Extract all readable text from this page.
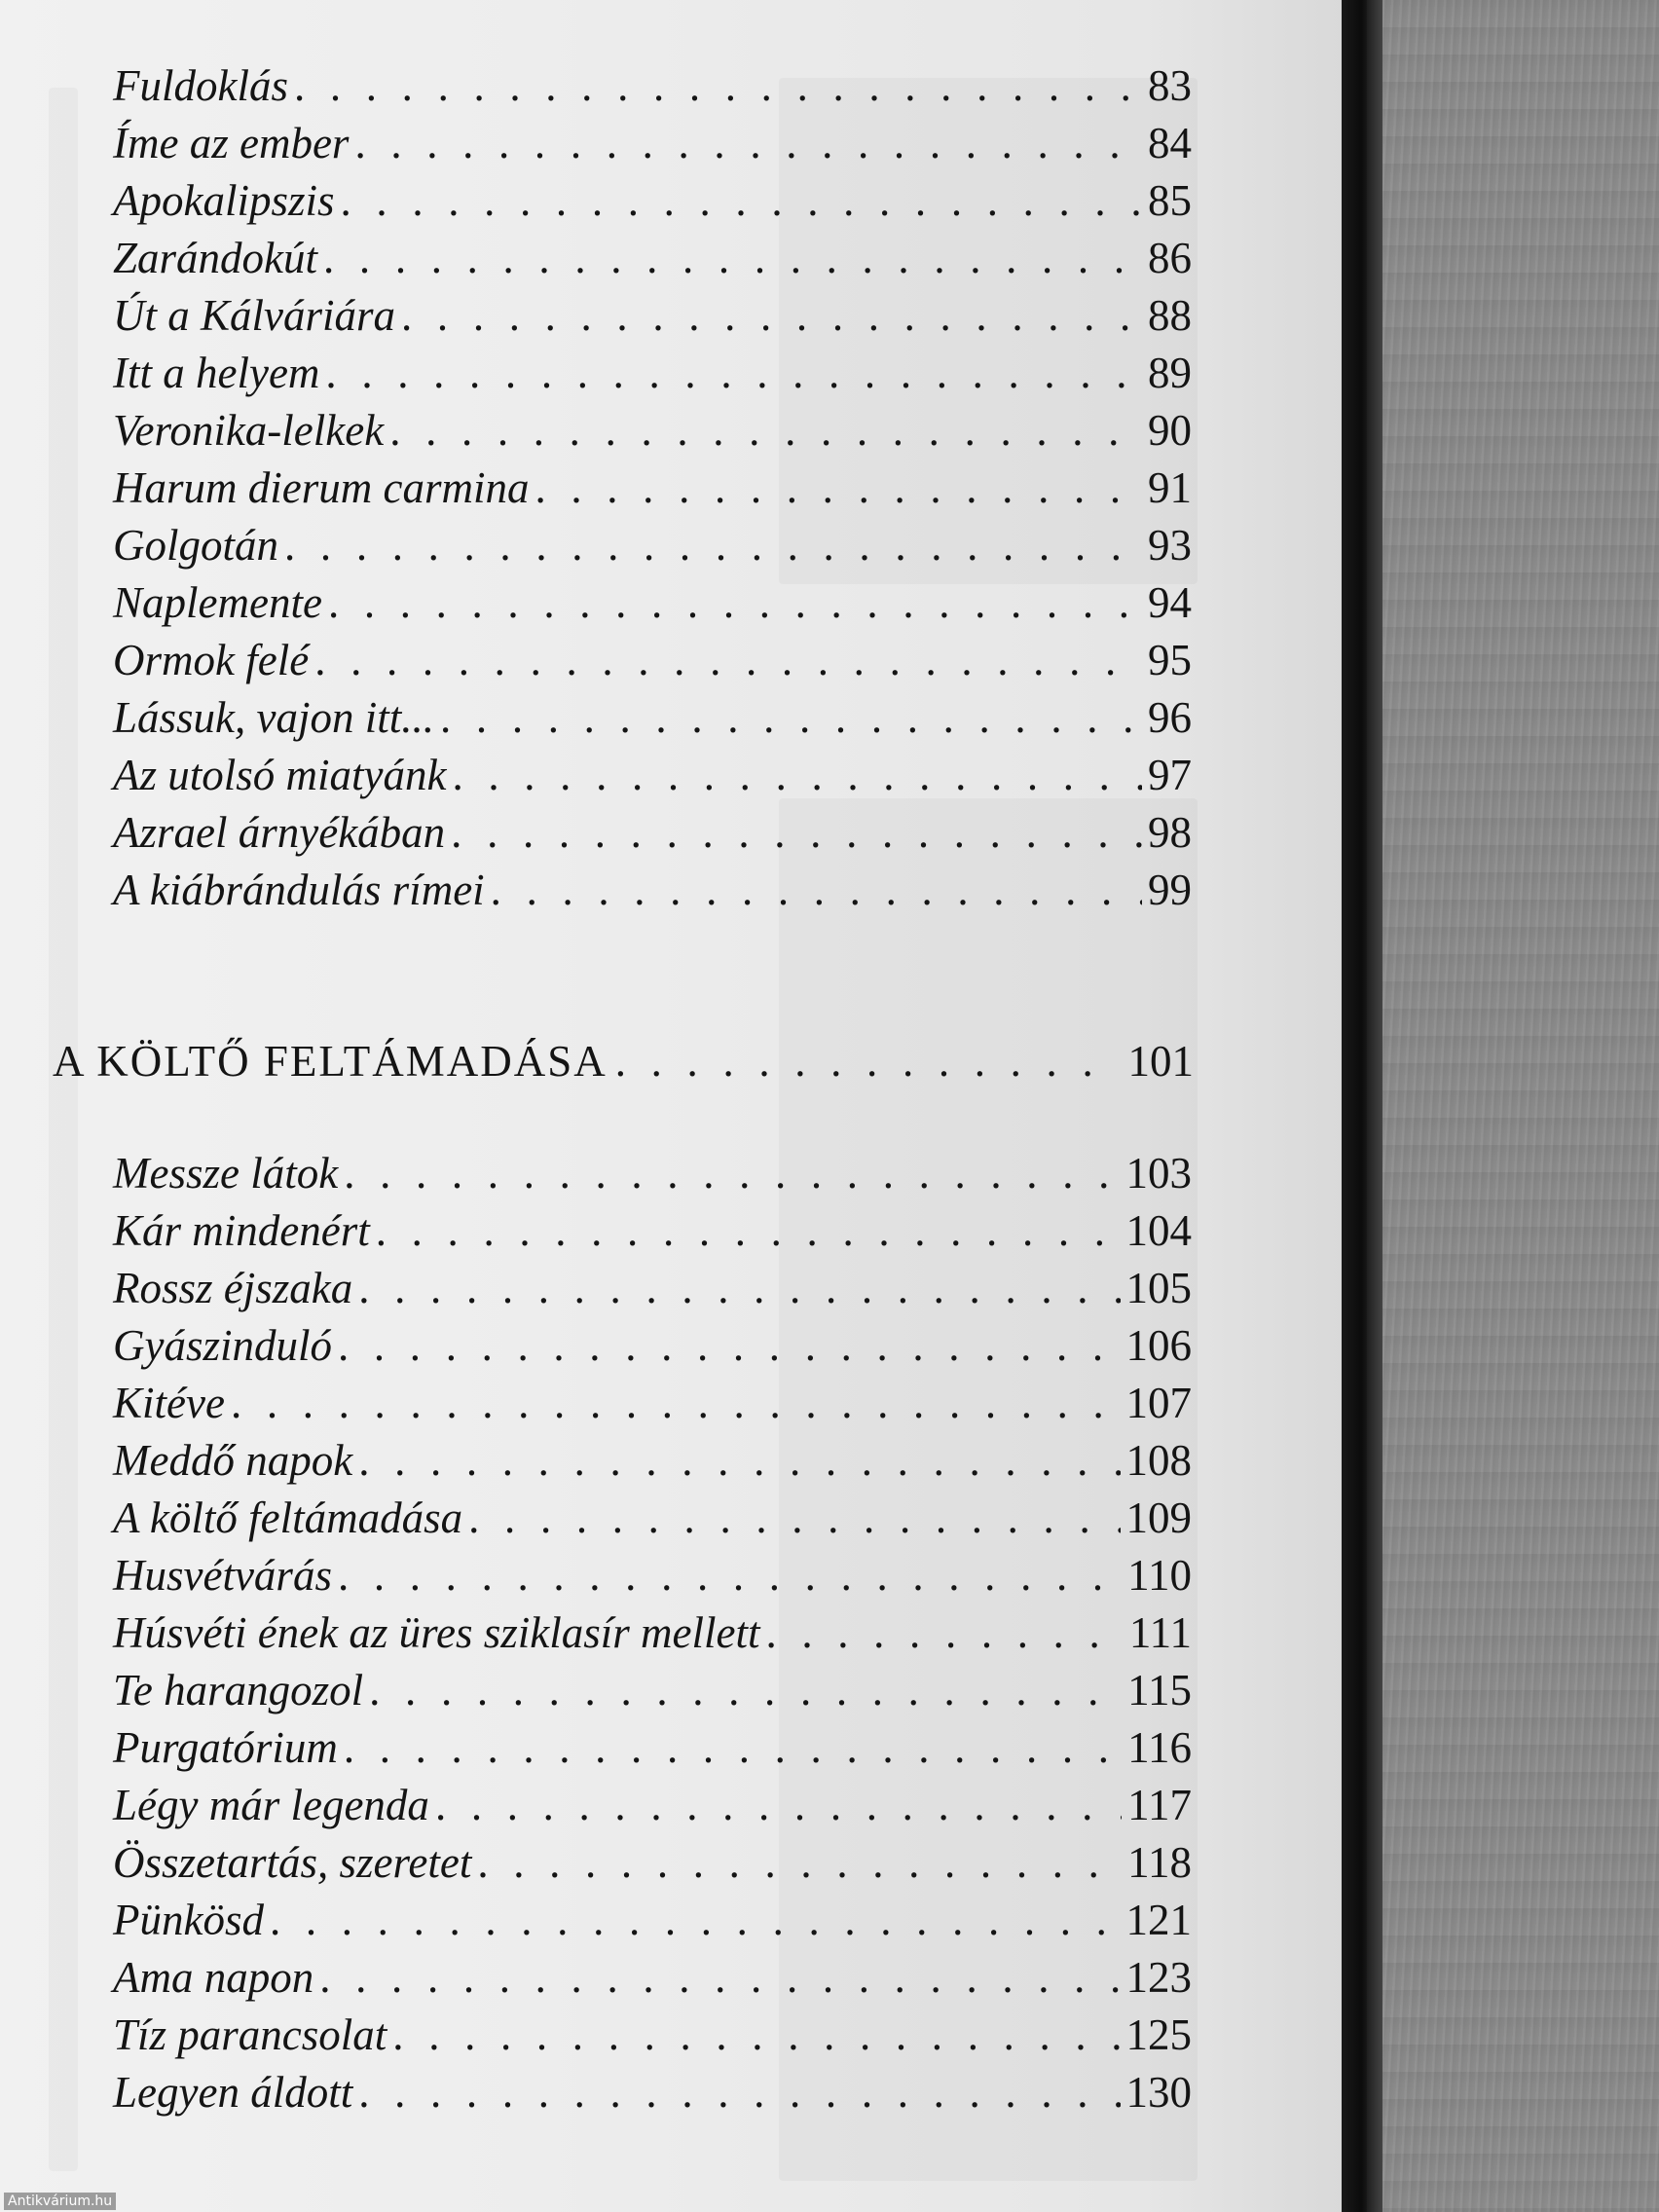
Fuldoklás . . .	83
Íme az ember . . .	84
Apokalipszis . . .	85
Zarándokút . . .	86
Út a Kálváriára . . .	88
Itt a helyem . . .	89
Veronika-lelkek . . .	90
Harum dierum carmina . . .	91
Golgotán . . .	93
Naplemente . . .	94
Ormok felé . . .	95
Lássuk, vajon itt... . . .	96
Az utolsó miatyánk . . .	97
Azrael árnyékában . . .	98
A kiábrándulás rímei . . .	99
A KÖLTŐ FELTÁMADÁSA . . .	101
Messze látok . . .	103
Kár mindenért . . .	104
Rossz éjszaka . . .	105
Gyászinduló . . .	106
Kitéve . . .	107
Meddő napok . . .	108
A költő feltámadása . . .	109
Husvétvárás . . .	110
Húsvéti ének az üres sziklasír mellett . . .	111
Te harangozol . . .	115
Purgatórium . . .	116
Légy már legenda . . .	117
Összetartás, szeretet . . .	118
Pünkösd . . .	121
Ama napon . . .	123
Tíz parancsolat . . .	125
Legyen áldott . . .	130
Antikvárium.hu
